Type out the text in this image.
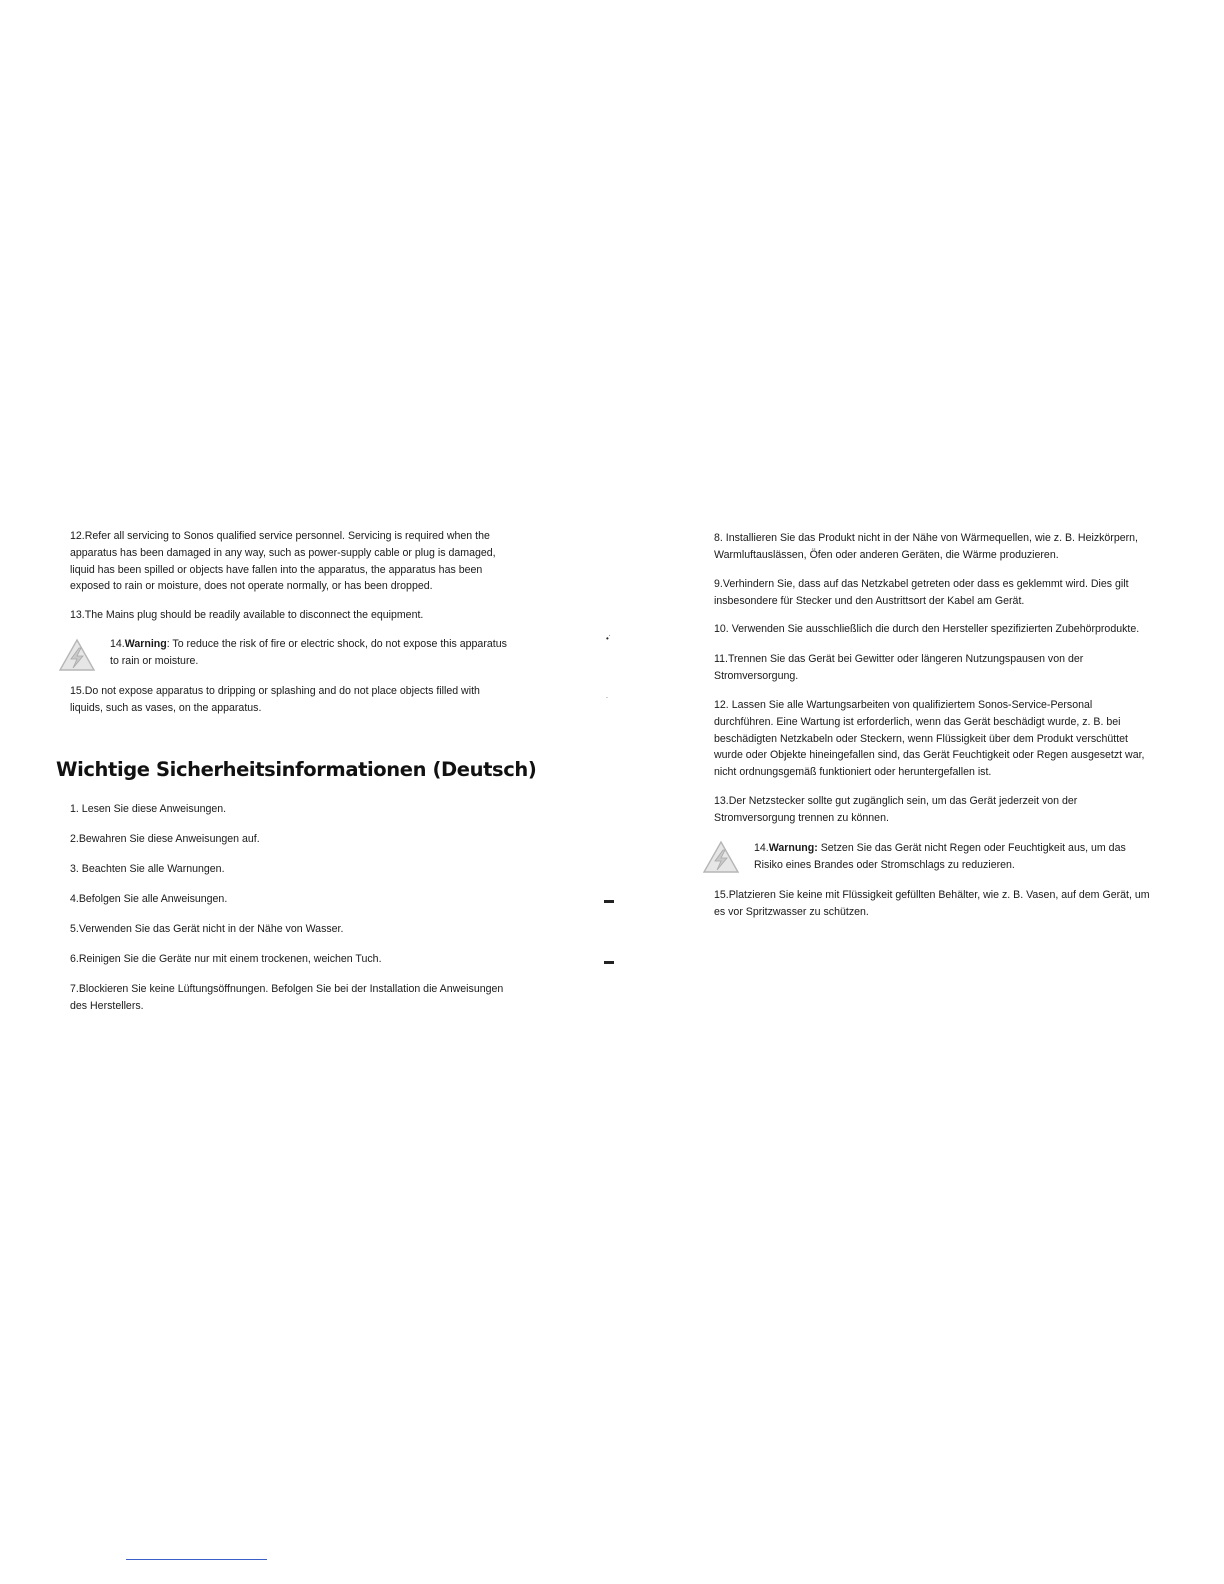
12.Refer all servicing to Sonos qualified service personnel. Servicing is required when the apparatus has been damaged in any way, such as power-supply cable or plug is damaged, liquid has been spilled or objects have fallen into the apparatus, the apparatus has been exposed to rain or moisture, does not operate normally, or has been dropped.
13.The Mains plug should be readily available to disconnect the equipment.
14.Warning: To reduce the risk of fire or electric shock, do not expose this apparatus to rain or moisture.
15.Do not expose apparatus to dripping or splashing and do not place objects filled with liquids, such as vases, on the apparatus.
Wichtige Sicherheitsinformationen (Deutsch)
1. Lesen Sie diese Anweisungen.
2.Bewahren Sie diese Anweisungen auf.
3. Beachten Sie alle Warnungen.
4.Befolgen Sie alle Anweisungen.
5.Verwenden Sie das Gerät nicht in der Nähe von Wasser.
6.Reinigen Sie die Geräte nur mit einem trockenen, weichen Tuch.
7.Blockieren Sie keine Lüftungsöffnungen. Befolgen Sie bei der Installation die Anweisungen des Herstellers.
8. Installieren Sie das Produkt nicht in der Nähe von Wärmequellen, wie z. B. Heizkörpern, Warmluftauslässen, Öfen oder anderen Geräten, die Wärme produzieren.
9.Verhindern Sie, dass auf das Netzkabel getreten oder dass es geklemmt wird. Dies gilt insbesondere für Stecker und den Austrittsort der Kabel am Gerät.
10. Verwenden Sie ausschließlich die durch den Hersteller spezifizierten Zubehörprodukte.
11.Trennen Sie das Gerät bei Gewitter oder längeren Nutzungspausen von der Stromversorgung.
12. Lassen Sie alle Wartungsarbeiten von qualifiziertem Sonos-Service-Personal durchführen. Eine Wartung ist erforderlich, wenn das Gerät beschädigt wurde, z. B. bei beschädigten Netzkabeln oder Steckern, wenn Flüssigkeit über dem Produkt verschüttet wurde oder Objekte hineingefallen sind, das Gerät Feuchtigkeit oder Regen ausgesetzt war, nicht ordnungsgemäß funktioniert oder heruntergefallen ist.
13.Der Netzstecker sollte gut zugänglich sein, um das Gerät jederzeit von der Stromversorgung trennen zu können.
14.Warnung: Setzen Sie das Gerät nicht Regen oder Feuchtigkeit aus, um das Risiko eines Brandes oder Stromschlags zu reduzieren.
15.Platzieren Sie keine mit Flüssigkeit gefüllten Behälter, wie z. B. Vasen, auf dem Gerät, um es vor Spritzwasser zu schützen.
•˙
˙
▬
▬
